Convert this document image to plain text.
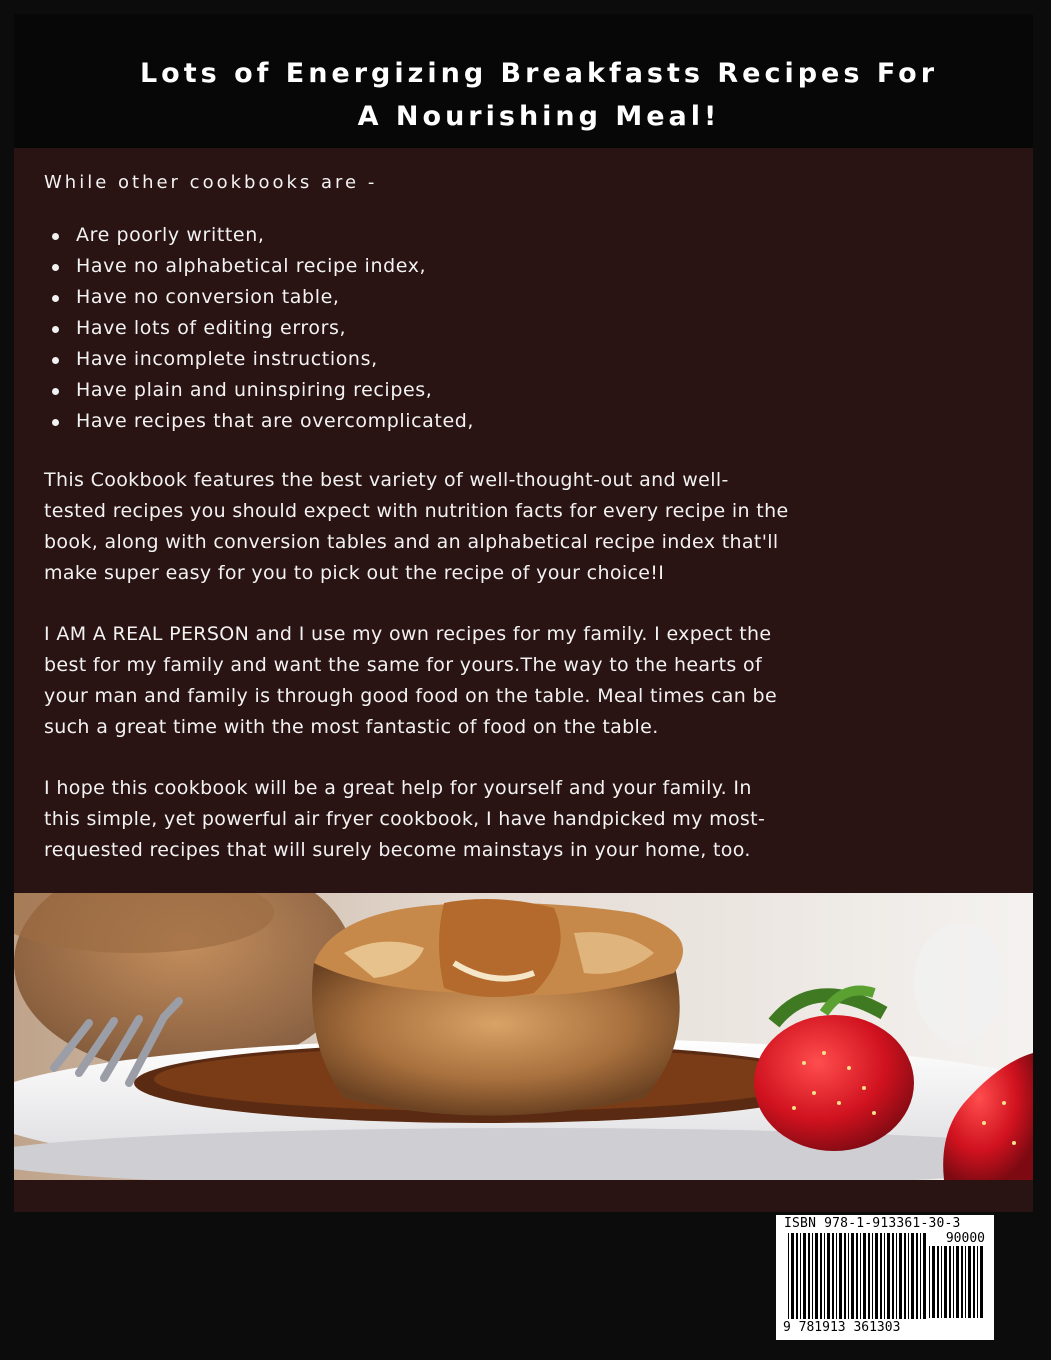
Lots of Energizing Breakfasts Recipes For
A Nourishing Meal!

While other cookbooks are -

Are poorly written,
Have no alphabetical recipe index,
Have no conversion table,
Have lots of editing errors,
Have incomplete instructions,
Have plain and uninspiring recipes,
Have recipes that are overcomplicated,

This Cookbook features the best variety of well-thought-out and well-
tested recipes you should expect with nutrition facts for every recipe in the
book, along with conversion tables and an alphabetical recipe index that'll
make super easy for you to pick out the recipe of your choice!I

I AM A REAL PERSON and I use my own recipes for my family. I expect the
best for my family and want the same for yours.The way to the hearts of
your man and family is through good food on the table. Meal times can be
such a great time with the most fantastic of food on the table.

I hope this cookbook will be a great help for yourself and your family. In
this simple, yet powerful air fryer cookbook, I have handpicked my most-
requested recipes that will surely become mainstays in your home, too.

ISBN 978-1-913361-30-3
90000
9 781913 361303
